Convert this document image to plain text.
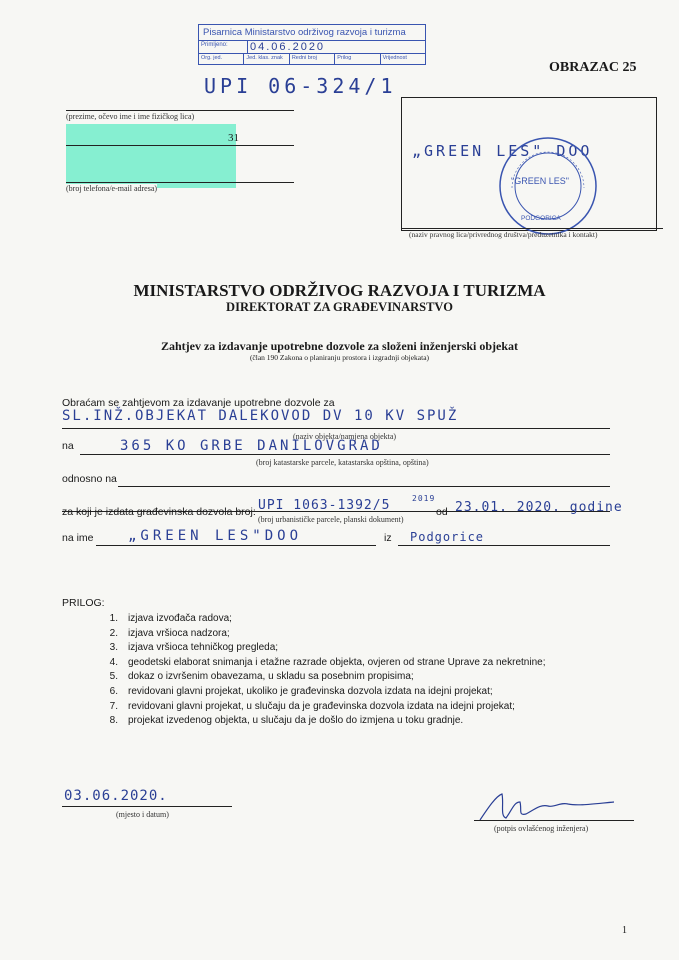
Pisarnica Ministarstvo održivog razvoja i turizma
Primljeno:	04.06.2020
Org. jed.	Jed. klas. znak	Redni broj	Prilog	Vrijednost
UPI 06-324/1
OBRAZAC 25
(prezime, očevo ime i ime fizičkog lica)
31
(broj telefona/e-mail adresa)
„GREEN LES" DOO
"GREEN LES"
PODGORICA
(naziv pravnog lica/privrednog društva/preduzetnika i kontakt)
MINISTARSTVO ODRŽIVOG RAZVOJA I TURIZMA
DIREKTORAT ZA GRAĐEVINARSTVO
Zahtjev za izdavanje upotrebne dozvole za složeni inženjerski objekat
(član 190 Zakona o planiranju prostora i izgradnji objekata)
Obraćam se zahtjevom za izdavanje upotrebne dozvole za
SL.INŽ.OBJEKAT DALEKOVOD DV 10 KV SPUŽ
(naziv objekta/namjena objekta)
na	365 KO GRBE DANILOVGRAD
(broj katastarske parcele, katastarska opština, opština)
odnosno na
(broj urbanističke parcele, planski dokument)
za koji je izdata građevinska dozvola broj: UPI 1063-1392/5	2019
od 23.01. 2020. godine
na ime „GREEN LES"DOO	iz Podgorice
PRILOG:
1.	izjava izvođača radova;
2.	izjava vršioca nadzora;
3.	izjava vršioca tehničkog pregleda;
4.	geodetski elaborat snimanja i etažne razrade objekta, ovjeren od strane Uprave za nekretnine;
5.	dokaz o izvršenim obavezama, u skladu sa posebnim propisima;
6.	revidovani glavni projekat, ukoliko je građevinska dozvola izdata na idejni projekat;
7.	revidovani glavni projekat, u slučaju da je građevinska dozvola izdata na idejni projekat;
8.	projekat izvedenog objekta, u slučaju da je došlo do izmjena u toku gradnje.
03.06.2020.
(mjesto i datum)
(potpis ovlašćenog inženjera)
1
